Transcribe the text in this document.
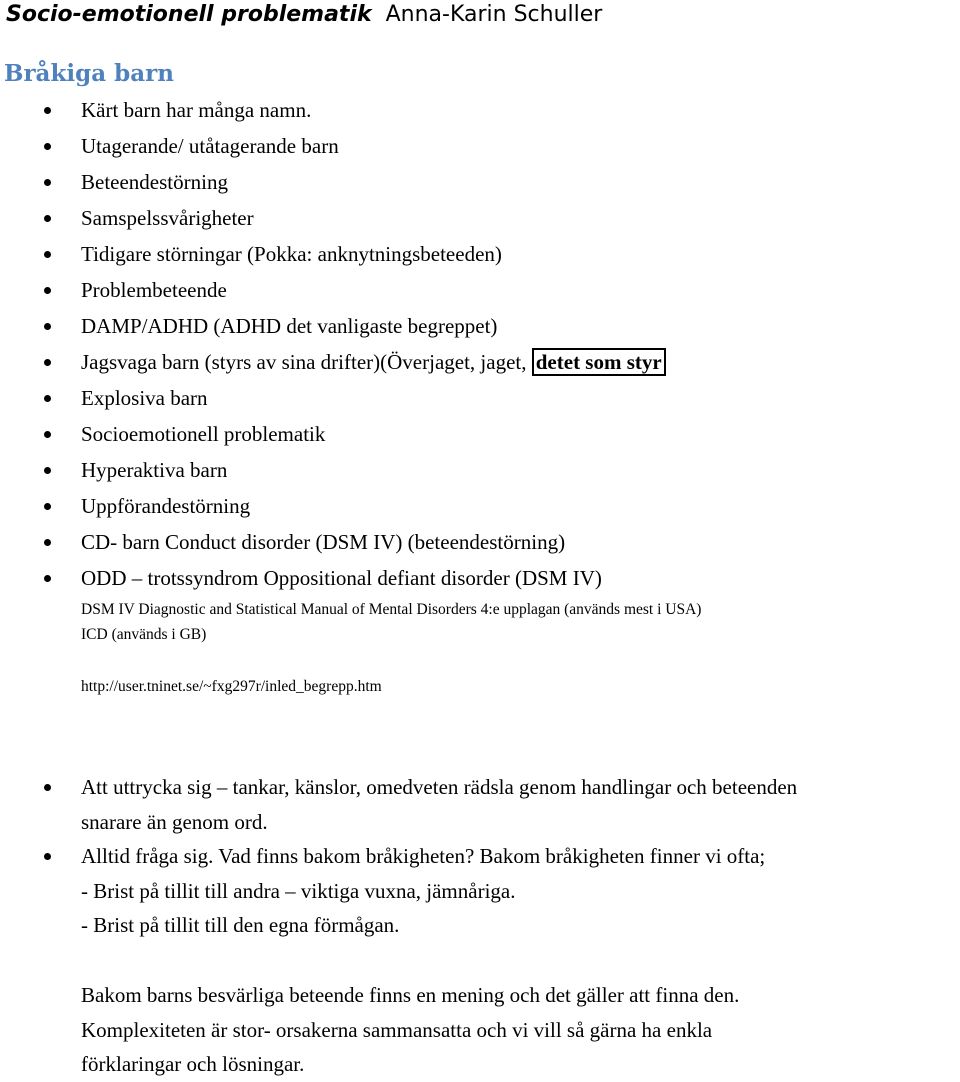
Socio-emotionell problematik Anna-Karin Schuller
Bråkiga barn
Kärt barn har många namn.
Utagerande/ utåtagerande barn
Beteendestörning
Samspelssvårigheter
Tidigare störningar (Pokka: anknytningsbeteeden)
Problembeteende
DAMP/ADHD (ADHD det vanligaste begreppet)
Jagsvaga barn (styrs av sina drifter)(Överjaget, jaget, detet som styr
Explosiva barn
Socioemotionell problematik
Hyperaktiva barn
Uppförandestörning
CD- barn Conduct disorder (DSM IV) (beteendestörning)
ODD – trotssyndrom Oppositional defiant disorder (DSM IV)
DSM IV Diagnostic and Statistical Manual of Mental Disorders 4:e upplagan (används mest i USA)
ICD (används i GB)
http://user.tninet.se/~fxg297r/inled_begrepp.htm
Att uttrycka sig – tankar, känslor, omedveten rädsla genom handlingar och beteenden
snarare än genom ord.
Alltid fråga sig. Vad finns bakom bråkigheten? Bakom bråkigheten finner vi ofta;
- Brist på tillit till andra – viktiga vuxna, jämnåriga.
- Brist på tillit till den egna förmågan.
Bakom barns besvärliga beteende finns en mening och det gäller att finna den.
Komplexiteten är stor- orsakerna sammansatta och vi vill så gärna ha enkla
förklaringar och lösningar.
